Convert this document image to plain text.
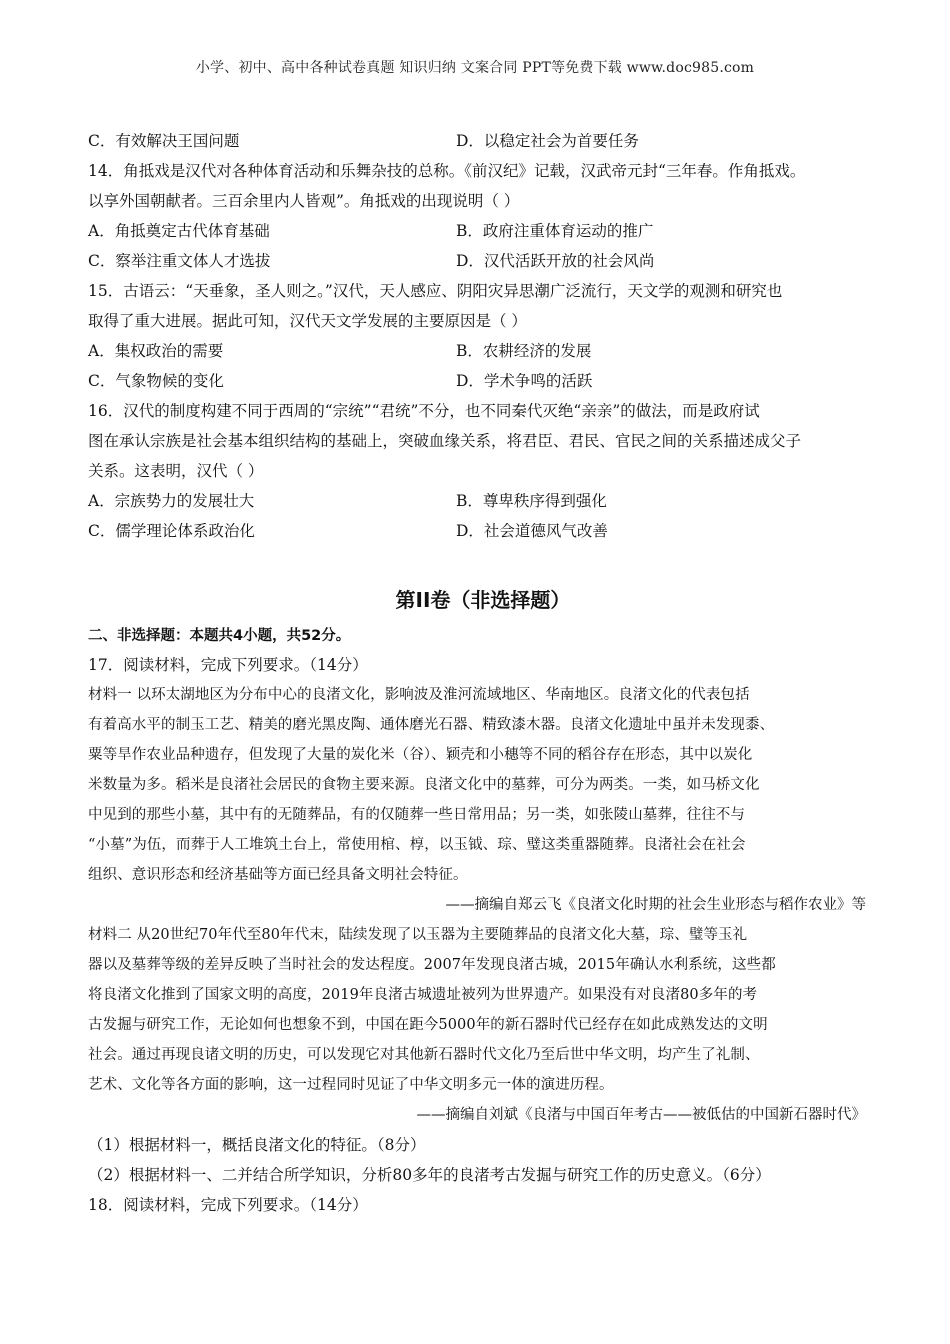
小学、初中、高中各种试卷真题 知识归纳 文案合同 PPT等免费下载 www.doc985.com
C．有效解决王国问题	D．以稳定社会为首要任务
14．角抵戏是汉代对各种体育活动和乐舞杂技的总称。《前汉纪》记载，汉武帝元封“三年春。作角抵戏。
以享外国朝献者。三百余里内人皆观”。角抵戏的出现说明（ ）
A．角抵奠定古代体育基础	B．政府注重体育运动的推广
C．察举注重文体人才选拔	D．汉代活跃开放的社会风尚
15．古语云：“天垂象，圣人则之。”汉代，天人感应、阴阳灾异思潮广泛流行，天文学的观测和研究也
取得了重大进展。据此可知，汉代天文学发展的主要原因是（ ）
A．集权政治的需要	B．农耕经济的发展
C．气象物候的变化	D．学术争鸣的活跃
16．汉代的制度构建不同于西周的“宗统”“君统”不分，也不同秦代灭绝“亲亲”的做法，而是政府试
图在承认宗族是社会基本组织结构的基础上，突破血缘关系，将君臣、君民、官民之间的关系描述成父子
关系。这表明，汉代（ ）
A．宗族势力的发展壮大	B．尊卑秩序得到强化
C．儒学理论体系政治化	D．社会道德风气改善
第II卷（非选择题）
二、非选择题：本题共4小题，共52分。
17．阅读材料，完成下列要求。（14分）
材料一 以环太湖地区为分布中心的良渚文化，影响波及淮河流域地区、华南地区。良渚文化的代表包括
有着高水平的制玉工艺、精美的磨光黑皮陶、通体磨光石器、精致漆木器。良渚文化遗址中虽并未发现黍、
粟等旱作农业品种遗存，但发现了大量的炭化米（谷）、颖壳和小穗等不同的稻谷存在形态，其中以炭化
米数量为多。稻米是良渚社会居民的食物主要来源。良渚文化中的墓葬，可分为两类。一类，如马桥文化
中见到的那些小墓，其中有的无随葬品，有的仅随葬一些日常用品；另一类，如张陵山墓葬，往往不与
“小墓”为伍，而葬于人工堆筑土台上，常使用棺、椁，以玉钺、琮、璧这类重器随葬。良渚社会在社会
组织、意识形态和经济基础等方面已经具备文明社会特征。
——摘编自郑云飞《良渚文化时期的社会生业形态与稻作农业》等
材料二 从20世纪70年代至80年代末，陆续发现了以玉器为主要随葬品的良渚文化大墓，琮、璧等玉礼
器以及墓葬等级的差异反映了当时社会的发达程度。2007年发现良渚古城，2015年确认水利系统，这些都
将良渚文化推到了国家文明的高度，2019年良渚古城遗址被列为世界遗产。如果没有对良渚80多年的考
古发掘与研究工作，无论如何也想象不到，中国在距今5000年的新石器时代已经存在如此成熟发达的文明
社会。通过再现良诸文明的历史，可以发现它对其他新石器时代文化乃至后世中华文明，均产生了礼制、
艺术、文化等各方面的影响，这一过程同时见证了中华文明多元一体的演进历程。
——摘编自刘斌《良渚与中国百年考古——被低估的中国新石器时代》
（1）根据材料一，概括良渚文化的特征。（8分）
（2）根据材料一、二并结合所学知识，分析80多年的良渚考古发掘与研究工作的历史意义。（6分）
18．阅读材料，完成下列要求。（14分）
